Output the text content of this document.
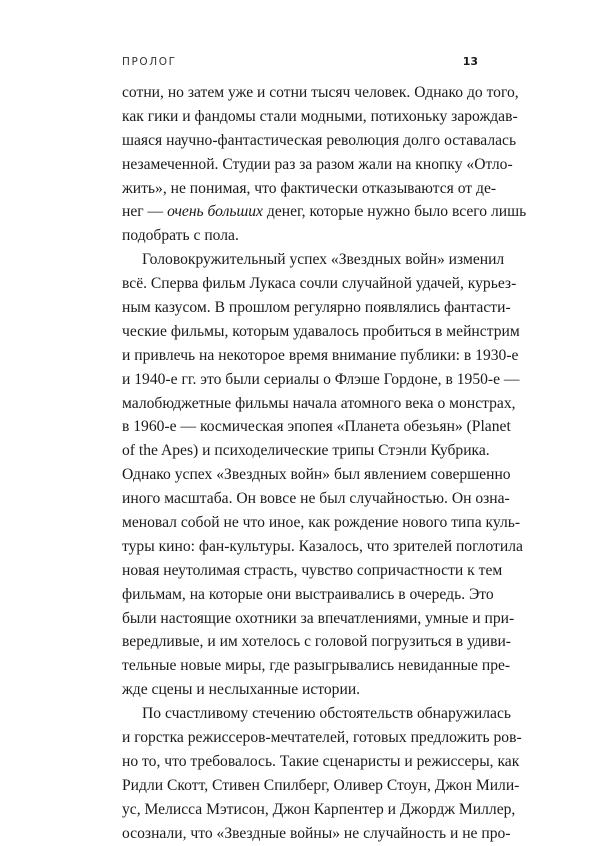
ПРОЛОГ	13
сотни, но затем уже и сотни тысяч человек. Однако до того,
как гики и фандомы стали модными, потихоньку зарождав-
шаяся научно-фантастическая революция долго оставалась
незамеченной. Студии раз за разом жали на кнопку «Отло-
жить», не понимая, что фактически отказываются от де-
нег — очень больших денег, которые нужно было всего лишь
подобрать с пола.
Головокружительный успех «Звездных войн» изменил
всё. Сперва фильм Лукаса сочли случайной удачей, курьез-
ным казусом. В прошлом регулярно появлялись фантасти-
ческие фильмы, которым удавалось пробиться в мейнстрим
и привлечь на некоторое время внимание публики: в 1930-е
и 1940-е гг. это были сериалы о Флэше Гордоне, в 1950-е —
малобюджетные фильмы начала атомного века о монстрах,
в 1960-е — космическая эпопея «Планета обезьян» (Planet
of the Apes) и психоделические трипы Стэнли Кубрика.
Однако успех «Звездных войн» был явлением совершенно
иного масштаба. Он вовсе не был случайностью. Он озна-
меновал собой не что иное, как рождение нового типа куль-
туры кино: фан-культуры. Казалось, что зрителей поглотила
новая неутолимая страсть, чувство сопричастности к тем
фильмам, на которые они выстраивались в очередь. Это
были настоящие охотники за впечатлениями, умные и при-
вередливые, и им хотелось с головой погрузиться в удиви-
тельные новые миры, где разыгрывались невиданные пре-
жде сцены и неслыханные истории.
По счастливому стечению обстоятельств обнаружилась
и горстка режиссеров-мечтателей, готовых предложить ров-
но то, что требовалось. Такие сценаристы и режиссеры, как
Ридли Скотт, Стивен Спилберг, Оливер Стоун, Джон Мили-
ус, Мелисса Мэтисон, Джон Карпентер и Джордж Миллер,
осознали, что «Звездные войны» не случайность и не про-
